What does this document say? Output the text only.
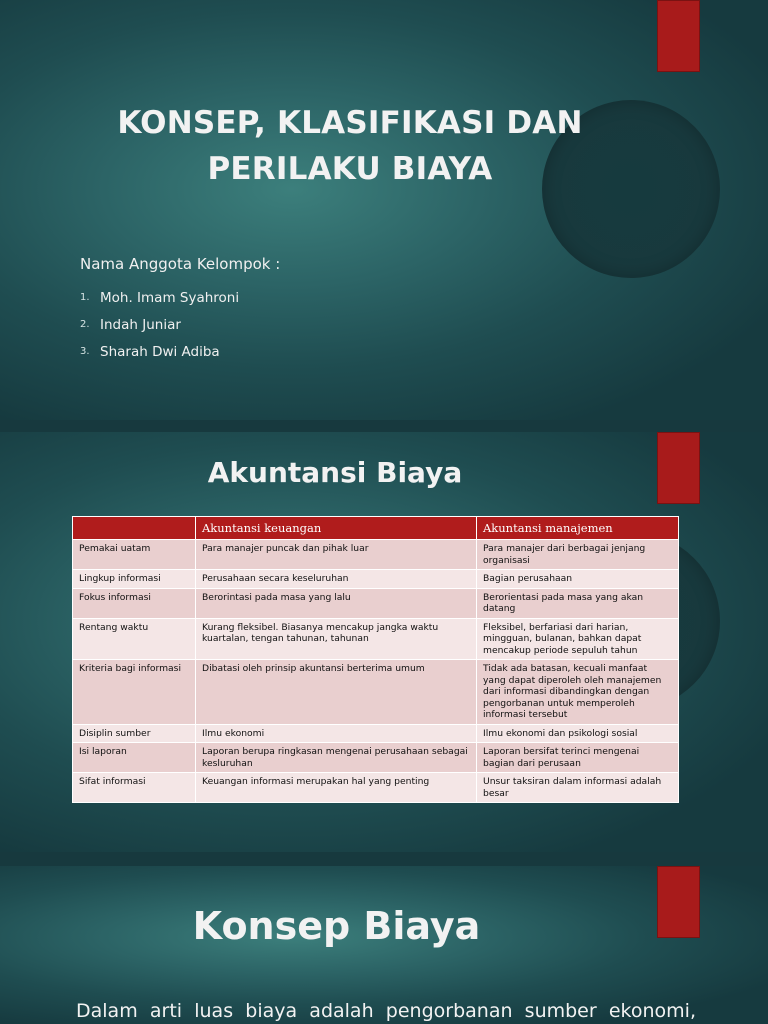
KONSEP, KLASIFIKASI DAN
PERILAKU BIAYA
Nama Anggota Kelompok :
1. Moh. Imam Syahroni
2. Indah Juniar
3. Sharah Dwi Adiba
Akuntansi Biaya
	Akuntansi keuangan	Akuntansi manajemen
Pemakai uatam	Para manajer puncak dan pihak luar	Para manajer dari berbagai jenjang organisasi
Lingkup informasi	Perusahaan secara keseluruhan	Bagian perusahaan
Fokus informasi	Berorintasi pada masa yang lalu	Berorientasi pada masa yang akan datang
Rentang waktu	Kurang fleksibel. Biasanya mencakup jangka waktu kuartalan, tengan tahunan, tahunan	Fleksibel, berfariasi dari harian, mingguan, bulanan, bahkan dapat mencakup periode sepuluh tahun
Kriteria bagi informasi	Dibatasi oleh prinsip akuntansi berterima umum	Tidak ada batasan, kecuali manfaat yang dapat diperoleh oleh manajemen dari informasi dibandingkan dengan pengorbanan untuk memperoleh informasi tersebut
Disiplin sumber	Ilmu ekonomi	Ilmu ekonomi dan psikologi sosial
Isi laporan	Laporan berupa ringkasan mengenai perusahaan sebagai kesluruhan	Laporan bersifat terinci mengenai bagian dari perusaan
Sifat informasi	Keuangan informasi merupakan hal yang penting	Unsur taksiran dalam informasi adalah besar
Konsep Biaya
Dalam arti luas biaya adalah pengorbanan sumber ekonomi,
